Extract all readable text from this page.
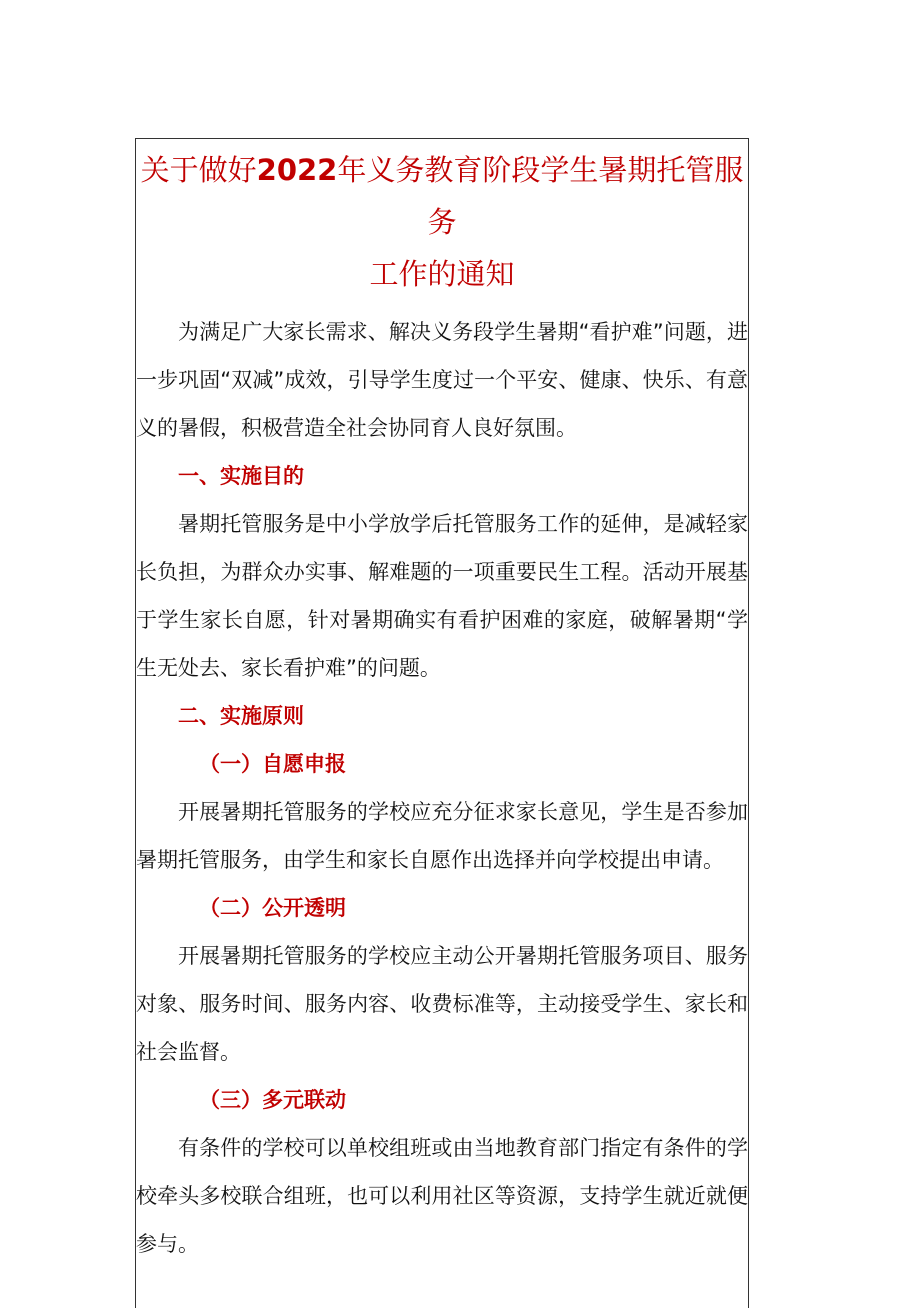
关于做好2022年义务教育阶段学生暑期托管服务
工作的通知

为满足广大家长需求、解决义务段学生暑期“看护难”问题，进一步巩固“双减”成效，引导学生度过一个平安、健康、快乐、有意义的暑假，积极营造全社会协同育人良好氛围。

一、实施目的

暑期托管服务是中小学放学后托管服务工作的延伸，是减轻家长负担，为群众办实事、解难题的一项重要民生工程。活动开展基于学生家长自愿，针对暑期确实有看护困难的家庭，破解暑期“学生无处去、家长看护难”的问题。

二、实施原则

（一）自愿申报

开展暑期托管服务的学校应充分征求家长意见，学生是否参加暑期托管服务，由学生和家长自愿作出选择并向学校提出申请。

（二）公开透明

开展暑期托管服务的学校应主动公开暑期托管服务项目、服务对象、服务时间、服务内容、收费标准等，主动接受学生、家长和社会监督。

（三）多元联动

有条件的学校可以单校组班或由当地教育部门指定有条件的学校牵头多校联合组班，也可以利用社区等资源，支持学生就近就便参与。
